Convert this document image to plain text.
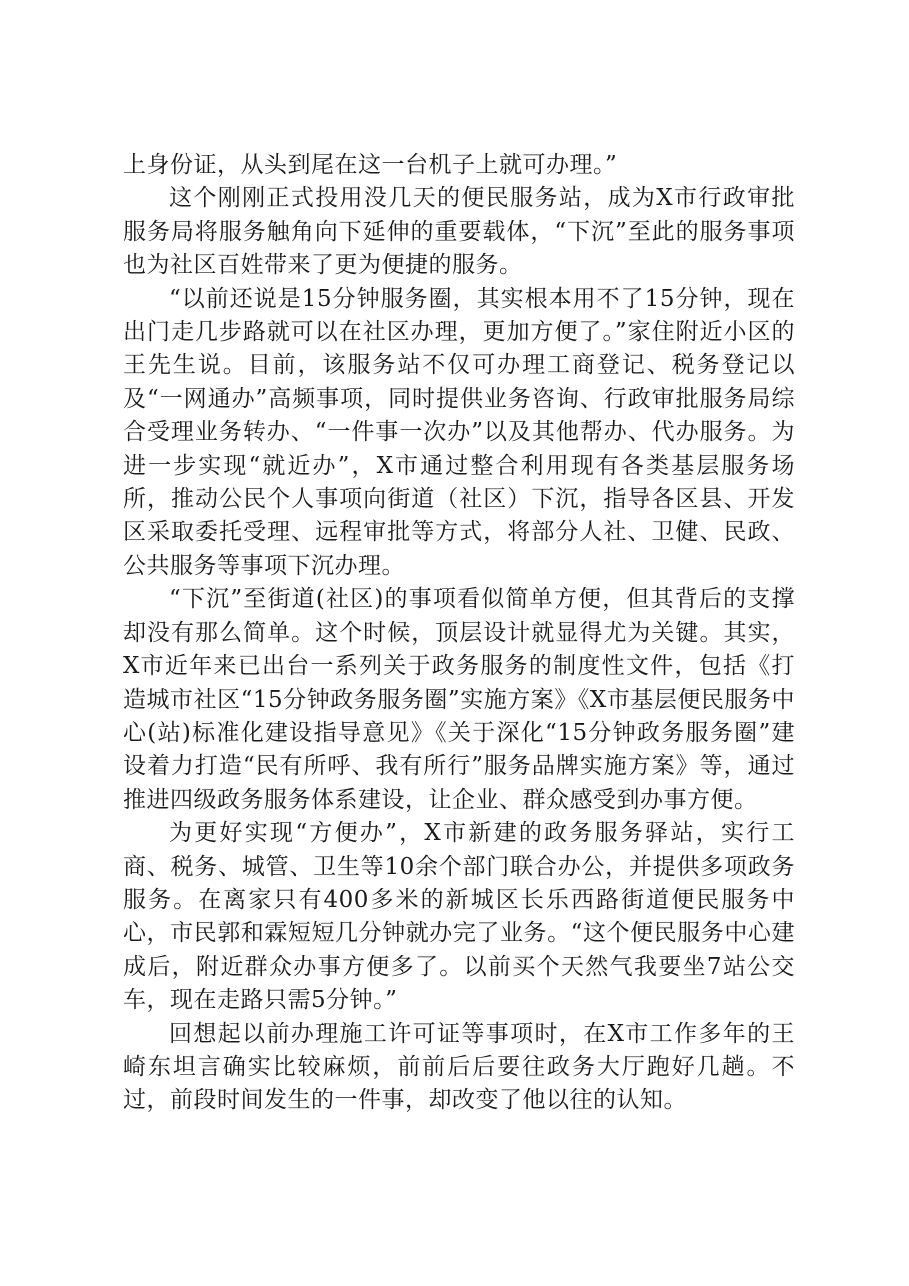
上身份证，从头到尾在这一台机子上就可办理。”

这个刚刚正式投用没几天的便民服务站，成为X市行政审批服务局将服务触角向下延伸的重要载体，“下沉”至此的服务事项也为社区百姓带来了更为便捷的服务。

“以前还说是15分钟服务圈，其实根本用不了15分钟，现在出门走几步路就可以在社区办理，更加方便了。”家住附近小区的王先生说。目前，该服务站不仅可办理工商登记、税务登记以及“一网通办”高频事项，同时提供业务咨询、行政审批服务局综合受理业务转办、“一件事一次办”以及其他帮办、代办服务。为进一步实现“就近办”，X市通过整合利用现有各类基层服务场所，推动公民个人事项向街道（社区）下沉，指导各区县、开发区采取委托受理、远程审批等方式，将部分人社、卫健、民政、公共服务等事项下沉办理。

“下沉”至街道(社区)的事项看似简单方便，但其背后的支撑却没有那么简单。这个时候，顶层设计就显得尤为关键。其实，X市近年来已出台一系列关于政务服务的制度性文件，包括《打造城市社区“15分钟政务服务圈”实施方案》《X市基层便民服务中心(站)标准化建设指导意见》《关于深化“15分钟政务服务圈”建设着力打造“民有所呼、我有所行”服务品牌实施方案》等，通过推进四级政务服务体系建设，让企业、群众感受到办事方便。

为更好实现“方便办”，X市新建的政务服务驿站，实行工商、税务、城管、卫生等10余个部门联合办公，并提供多项政务服务。在离家只有400多米的新城区长乐西路街道便民服务中心，市民郭和霖短短几分钟就办完了业务。“这个便民服务中心建成后，附近群众办事方便多了。以前买个天然气我要坐7站公交车，现在走路只需5分钟。”

回想起以前办理施工许可证等事项时，在X市工作多年的王崎东坦言确实比较麻烦，前前后后要往政务大厅跑好几趟。不过，前段时间发生的一件事，却改变了他以往的认知。
